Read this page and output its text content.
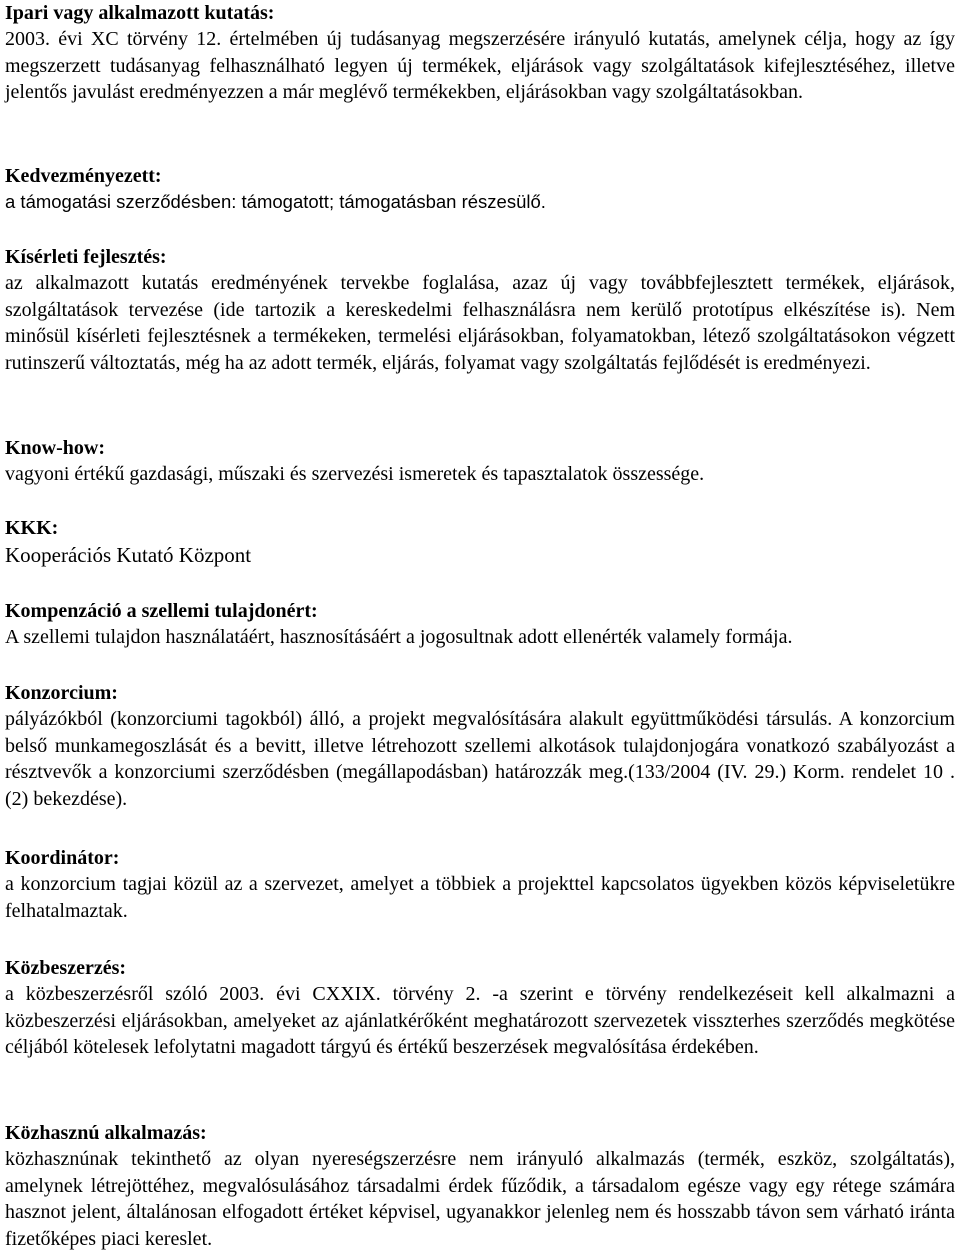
Ipari vagy alkalmazott kutatás:
2003. évi XC törvény 12. értelmében új tudásanyag megszerzésére irányuló kutatás, amelynek célja, hogy az így megszerzett tudásanyag felhasználható legyen új termékek, eljárások vagy szolgáltatások kifejlesztéséhez, illetve jelentős javulást eredményezzen a már meglévő termékekben, eljárásokban vagy szolgáltatásokban.
Kedvezményezett:
a támogatási szerződésben: támogatott; támogatásban részesülő.
Kísérleti fejlesztés:
az alkalmazott kutatás eredményének tervekbe foglalása, azaz új vagy továbbfejlesztett termékek, eljárások, szolgáltatások tervezése (ide tartozik a kereskedelmi felhasználásra nem kerülő prototípus elkészítése is). Nem minősül kísérleti fejlesztésnek a termékeken, termelési eljárásokban, folyamatokban, létező szolgáltatásokon végzett rutinszerű változtatás, még ha az adott termék, eljárás, folyamat vagy szolgáltatás fejlődését is eredményezi.
Know-how:
vagyoni értékű gazdasági, műszaki és szervezési ismeretek és tapasztalatok összessége.
KKK:
Kooperációs Kutató Központ
Kompenzáció a szellemi tulajdonért:
A szellemi tulajdon használatáért, hasznosításáért a jogosultnak adott ellenérték valamely formája.
Konzorcium:
pályázókból (konzorciumi tagokból) álló, a projekt megvalósítására alakult együttműködési társulás. A konzorcium belső munkamegoszlását és a bevitt, illetve létrehozott szellemi alkotások tulajdonjogára vonatkozó szabályozást a résztvevők a konzorciumi szerződésben (megállapodásban) határozzák meg.(133/2004 (IV. 29.) Korm. rendelet 10 . (2) bekezdése).
Koordinátor:
a konzorcium tagjai közül az a szervezet, amelyet a többiek a projekttel kapcsolatos ügyekben közös képviseletükre felhatalmaztak.
Közbeszerzés:
a közbeszerzésről szóló 2003. évi CXXIX. törvény 2. -a szerint e törvény rendelkezéseit kell alkalmazni a közbeszerzési eljárásokban, amelyeket az ajánlatkérőként meghatározott szervezetek visszterhes szerződés megkötése céljából kötelesek lefolytatni magadott tárgyú és értékű beszerzések megvalósítása érdekében.
Közhasznú alkalmazás:
közhasznúnak tekinthető az olyan nyereségszerzésre nem irányuló alkalmazás (termék, eszköz, szolgáltatás), amelynek létrejöttéhez, megvalósulásához társadalmi érdek fűződik, a társadalom egésze vagy egy rétege számára hasznot jelent, általánosan elfogadott értéket képvisel, ugyanakkor jelenleg nem és hosszabb távon sem várható iránta fizetőképes piaci kereslet.
